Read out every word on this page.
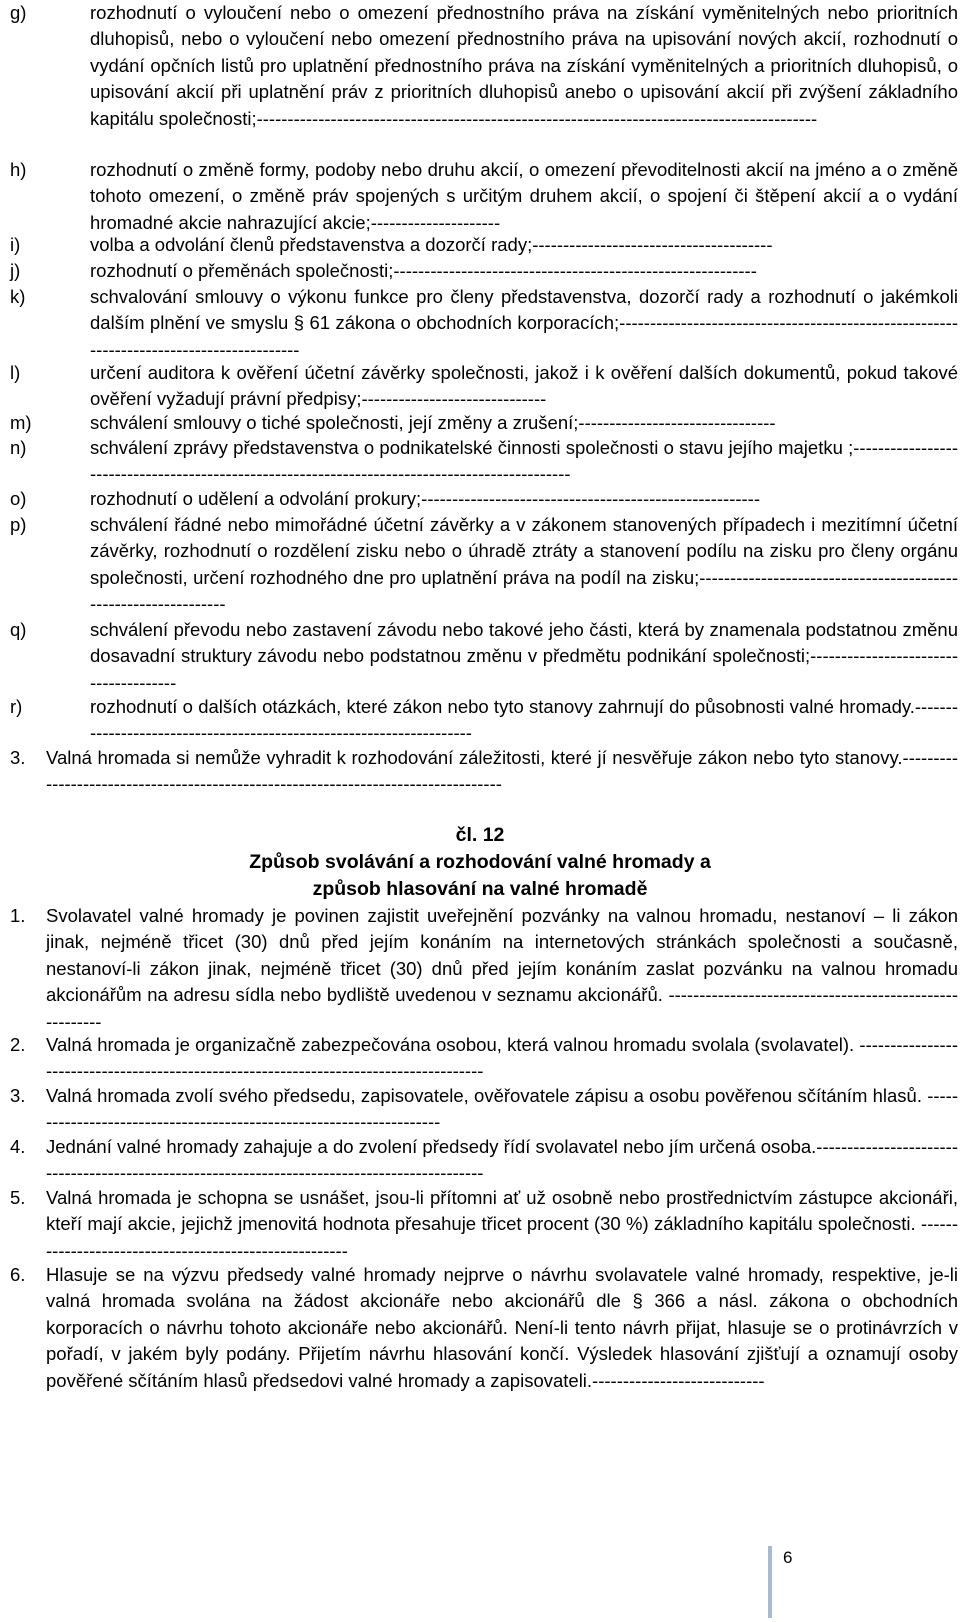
g)	rozhodnutí o vyloučení nebo o omezení přednostního práva na získání vyměnitelných nebo prioritních dluhopisů, nebo o vyloučení nebo omezení přednostního práva na upisování nových akcií, rozhodnutí o vydání opčních listů pro uplatnění přednostního práva na získání vyměnitelných a prioritních dluhopisů, o upisování akcií při uplatnění práv z prioritních dluhopisů anebo o upisování akcií při zvýšení základního kapitálu společnosti;-------------------------------------------------------------------------------------------
h)	rozhodnutí o změně formy, podoby nebo druhu akcií, o omezení převoditelnosti akcií na jméno a o změně tohoto omezení, o změně práv spojených s určitým druhem akcií, o spojení či štěpení akcií a o vydání hromadné akcie nahrazující akcie;---------------------
i)	volba a odvolání členů představenstva a dozorčí rady;---------------------------------------
j)	rozhodnutí o přeměnách společnosti;-----------------------------------------------------------
k)	schvalování smlouvy o výkonu funkce pro členy představenstva, dozorčí rady a rozhodnutí o jakémkoli dalším plnění ve smyslu § 61 zákona o obchodních korporacích;-----------------------------------------------------------------------------------------
l)	určení auditora k ověření účetní závěrky společnosti, jakož i k ověření dalších dokumentů, pokud takové ověření vyžadují právní předpisy;------------------------------
m)	schválení smlouvy o tiché společnosti, její změny a zrušení;--------------------------------
n)	schválení zprávy představenstva o podnikatelské činnosti společnosti o stavu jejího majetku ;-----------------------------------------------------------------------------------------------
o)	rozhodnutí o udělení a odvolání prokury;-------------------------------------------------------
p)	schválení řádné nebo mimořádné účetní závěrky a v zákonem stanovených případech i mezitímní účetní závěrky, rozhodnutí o rozdělení zisku nebo o úhradě ztráty a stanovení podílu na zisku pro členy orgánu společnosti, určení rozhodného dne pro uplatnění práva na podíl na zisku;----------------------------------------------------------------
q)	schválení převodu nebo zastavení závodu nebo takové jeho části, která by znamenala podstatnou změnu dosavadní struktury závodu nebo podstatnou změnu v předmětu podnikání společnosti;--------------------------------------
r)	rozhodnutí o dalších otázkách, které zákon nebo tyto stanovy zahrnují do působnosti valné hromady.---------------------------------------------------------------------
3. Valná hromada si nemůže vyhradit k rozhodování záležitosti, které jí nesvěřuje zákon nebo tyto stanovy.-----------------------------------------------------------------------------------
čl. 12
Způsob svolávání a rozhodování valné hromady a
způsob hlasování na valné hromadě
1. Svolavatel valné hromady je povinen zajistit uveřejnění pozvánky na valnou hromadu, nestanoví – li zákon jinak, nejméně třicet (30) dnů před jejím konáním na internetových stránkách společnosti a současně, nestanoví-li zákon jinak, nejméně třicet (30) dnů před jejím konáním zaslat pozvánku na valnou hromadu akcionářům na adresu sídla nebo bydliště uvedenou v seznamu akcionářů. --------------------------------------------------------
2. Valná hromada je organizačně zabezpečována osobou, která valnou hromadu svolala (svolavatel). ---------------------------------------------------------------------------------------
3. Valná hromada zvolí svého předsedu, zapisovatele, ověřovatele zápisu a osobu pověřenou sčítáním hlasů. ---------------------------------------------------------------------
4. Jednání valné hromady zahajuje a do zvolení předsedy řídí svolavatel nebo jím určená osoba.----------------------------------------------------------------------------------------------
5. Valná hromada je schopna se usnášet, jsou-li přítomni ať už osobně nebo prostřednictvím zástupce akcionáři, kteří mají akcie, jejichž jmenovitá hodnota přesahuje třicet procent (30 %) základního kapitálu společnosti. -------------------------------------------------------
6. Hlasuje se na výzvu předsedy valné hromady nejprve o návrhu svolavatele valné hromady, respektive, je-li valná hromada svolána na žádost akcionáře nebo akcionářů dle § 366 a násl. zákona o obchodních korporacích o návrhu tohoto akcionáře nebo akcionářů. Není-li tento návrh přijat, hlasuje se o protinávrzích v pořadí, v jakém byly podány. Přijetím návrhu hlasování končí. Výsledek hlasování zjišťují a oznamují osoby pověřené sčítáním hlasů předsedovi valné hromady a zapisovateli.----------------------------
6
